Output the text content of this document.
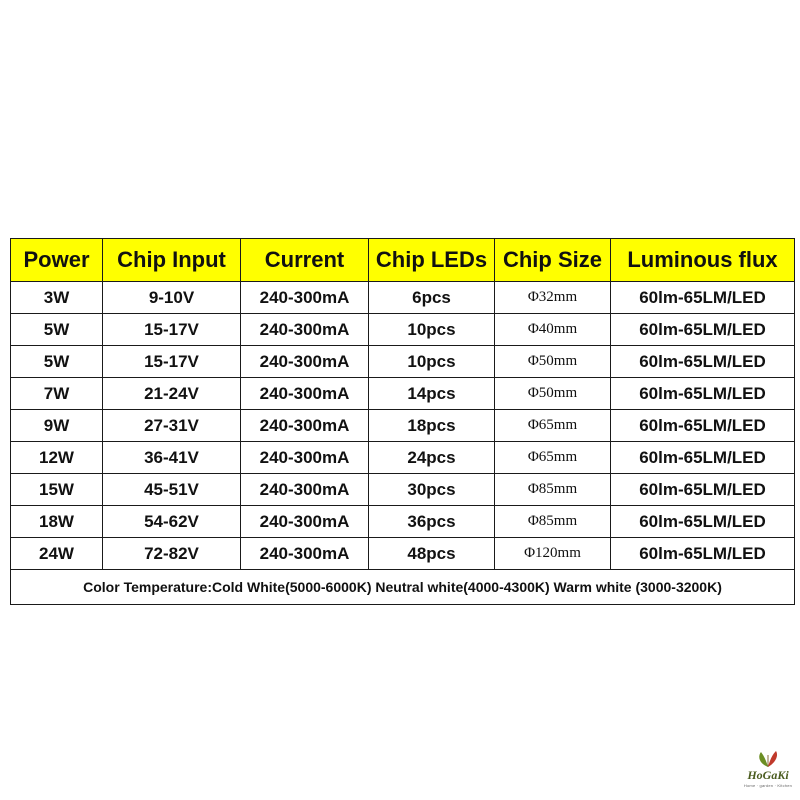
Power	Chip Input	Current	Chip LEDs	Chip Size	Luminous flux
3W	9-10V	240-300mA	6pcs	Φ32mm	60lm-65LM/LED
5W	15-17V	240-300mA	10pcs	Φ40mm	60lm-65LM/LED
5W	15-17V	240-300mA	10pcs	Φ50mm	60lm-65LM/LED
7W	21-24V	240-300mA	14pcs	Φ50mm	60lm-65LM/LED
9W	27-31V	240-300mA	18pcs	Φ65mm	60lm-65LM/LED
12W	36-41V	240-300mA	24pcs	Φ65mm	60lm-65LM/LED
15W	45-51V	240-300mA	30pcs	Φ85mm	60lm-65LM/LED
18W	54-62V	240-300mA	36pcs	Φ85mm	60lm-65LM/LED
24W	72-82V	240-300mA	48pcs	Φ120mm	60lm-65LM/LED
Color Temperature:Cold White(5000-6000K) Neutral white(4000-4300K) Warm white (3000-3200K)					
HoGaKi
Home · garden · Kitchen
